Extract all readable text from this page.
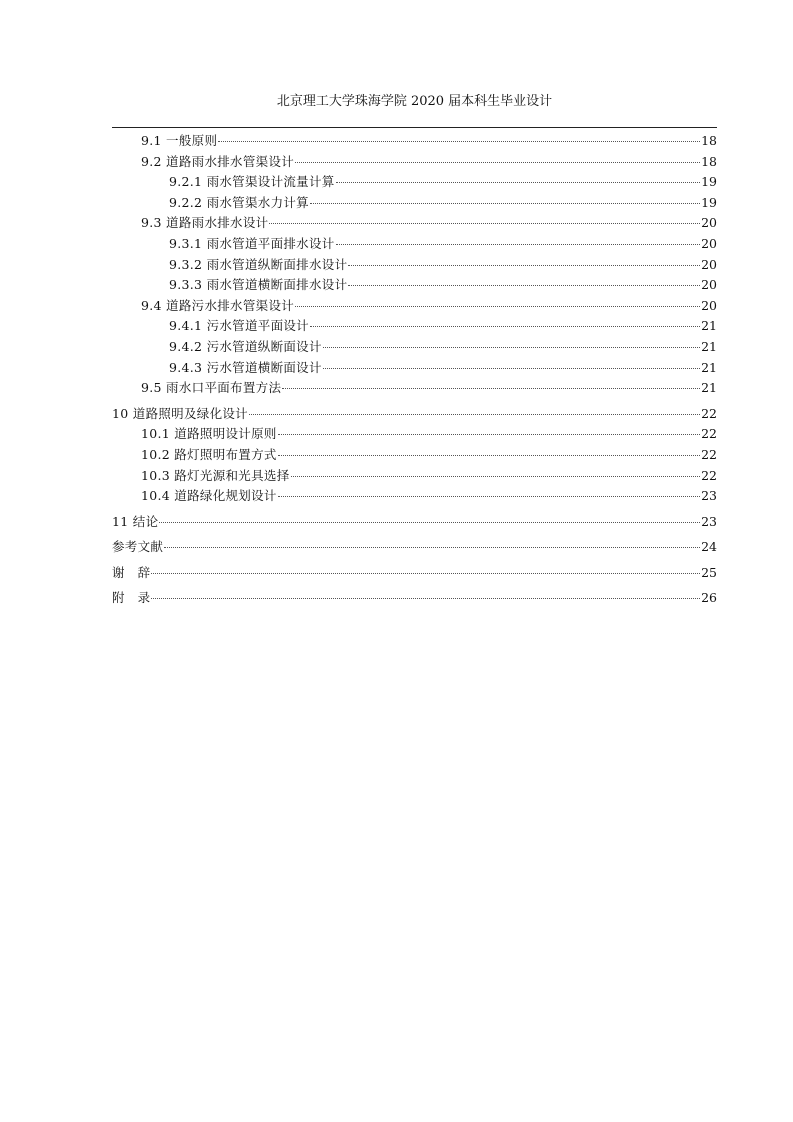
北京理工大学珠海学院 2020 届本科生毕业设计
9.1 一般原则	18
9.2 道路雨水排水管渠设计	18
9.2.1 雨水管渠设计流量计算	19
9.2.2 雨水管渠水力计算	19
9.3 道路雨水排水设计	20
9.3.1 雨水管道平面排水设计	20
9.3.2 雨水管道纵断面排水设计	20
9.3.3 雨水管道横断面排水设计	20
9.4 道路污水排水管渠设计	20
9.4.1 污水管道平面设计	21
9.4.2 污水管道纵断面设计	21
9.4.3 污水管道横断面设计	21
9.5 雨水口平面布置方法	21
10 道路照明及绿化设计	22
10.1 道路照明设计原则	22
10.2 路灯照明布置方式	22
10.3 路灯光源和光具选择	22
10.4 道路绿化规划设计	23
11 结论	23
参考文献	24
谢　辞	25
附　录	26
